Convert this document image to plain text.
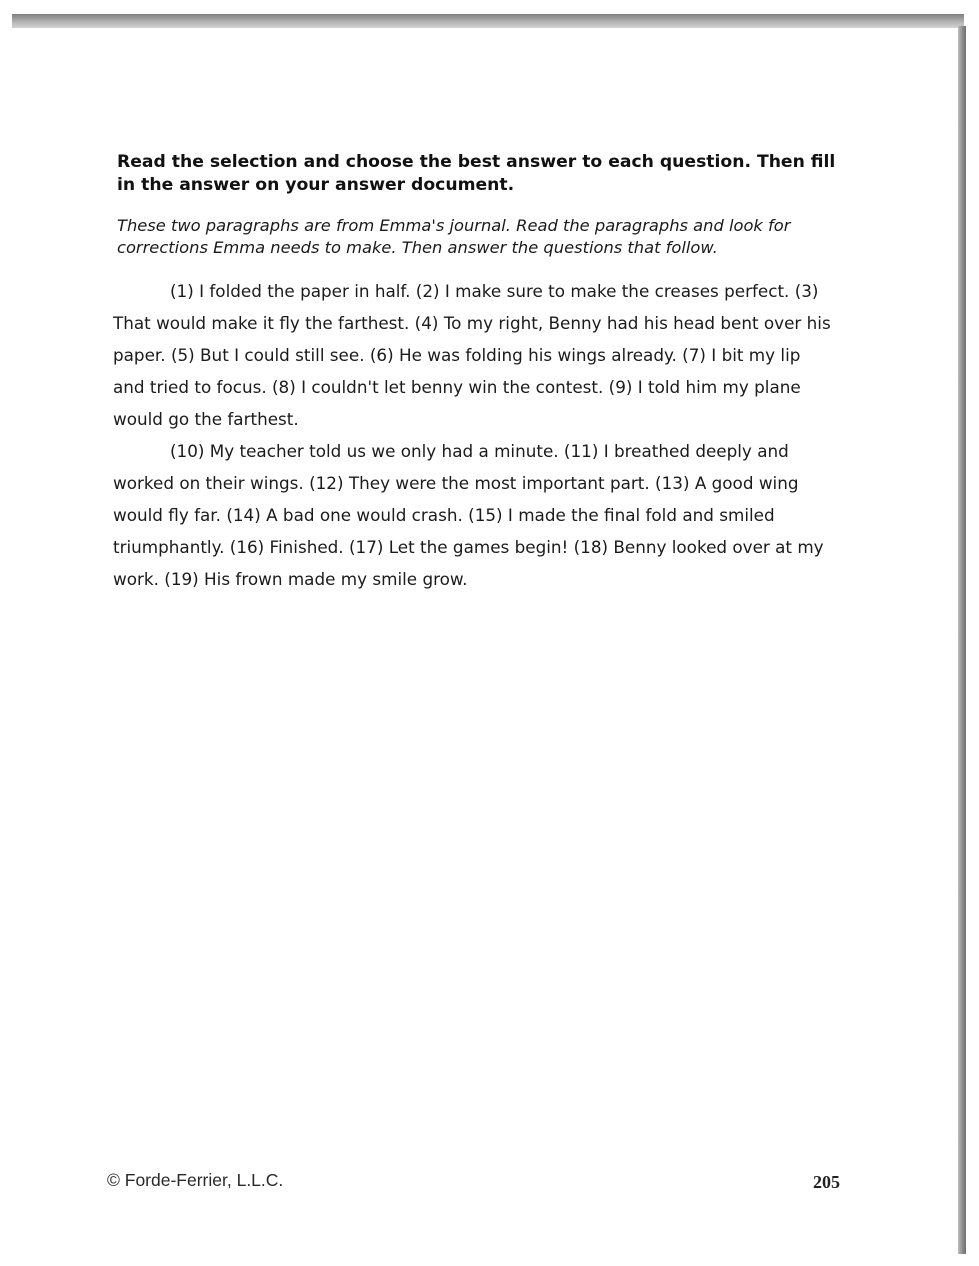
Read the selection and choose the best answer to each question. Then fill in the answer on your answer document.

These two paragraphs are from Emma's journal. Read the paragraphs and look for corrections Emma needs to make. Then answer the questions that follow.

(1) I folded the paper in half. (2) I make sure to make the creases perfect. (3) That would make it fly the farthest. (4) To my right, Benny had his head bent over his paper. (5) But I could still see. (6) He was folding his wings already. (7) I bit my lip and tried to focus. (8) I couldn't let benny win the contest. (9) I told him my plane would go the farthest.

(10) My teacher told us we only had a minute. (11) I breathed deeply and worked on their wings. (12) They were the most important part. (13) A good wing would fly far. (14) A bad one would crash. (15) I made the final fold and smiled triumphantly. (16) Finished. (17) Let the games begin! (18) Benny looked over at my work. (19) His frown made my smile grow.

© Forde-Ferrier, L.L.C.	205
